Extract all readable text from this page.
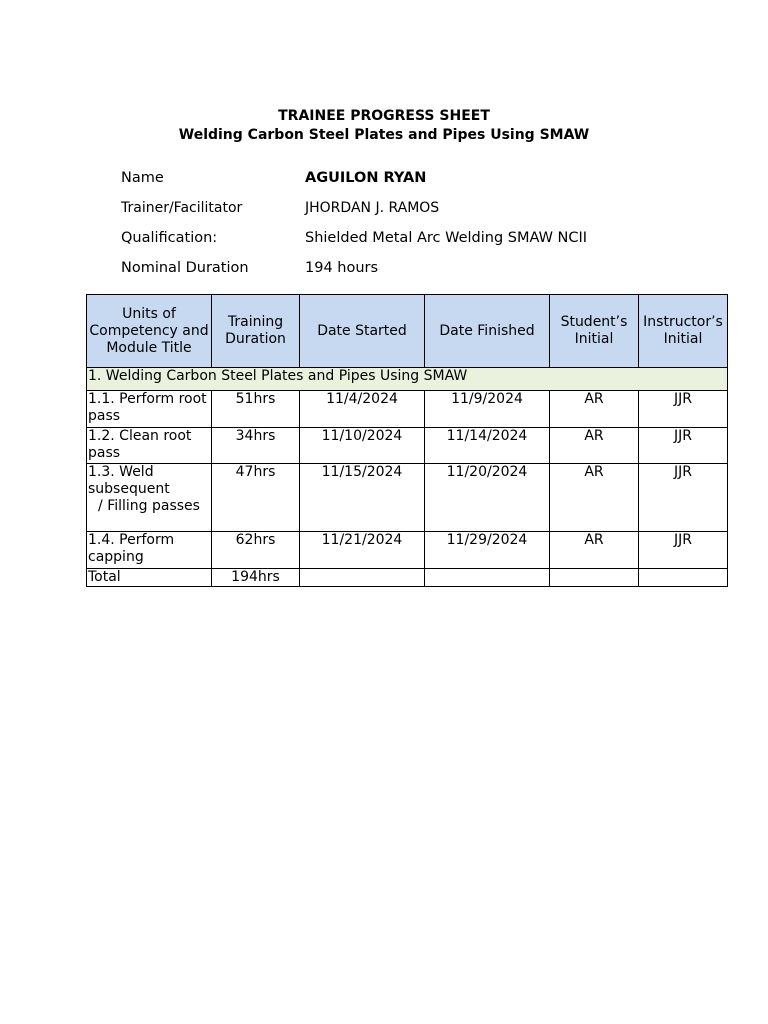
TRAINEE PROGRESS SHEET
Welding Carbon Steel Plates and Pipes Using SMAW
Name	AGUILON RYAN
Trainer/Facilitator	JHORDAN J. RAMOS
Qualification:	Shielded Metal Arc Welding SMAW NCII
Nominal Duration	194 hours
Units of Competency and Module Title	Training Duration	Date Started	Date Finished	Student’s Initial	Instructor’s Initial
1. Welding Carbon Steel Plates and Pipes Using SMAW					
1.1. Perform root pass	51hrs	11/4/2024	11/9/2024	AR	JJR
1.2. Clean root pass	34hrs	11/10/2024	11/14/2024	AR	JJR
1.3. Weld subsequent
/ Filling passes	47hrs	11/15/2024	11/20/2024	AR	JJR
1.4. Perform capping	62hrs	11/21/2024	11/29/2024	AR	JJR
Total	194hrs				
